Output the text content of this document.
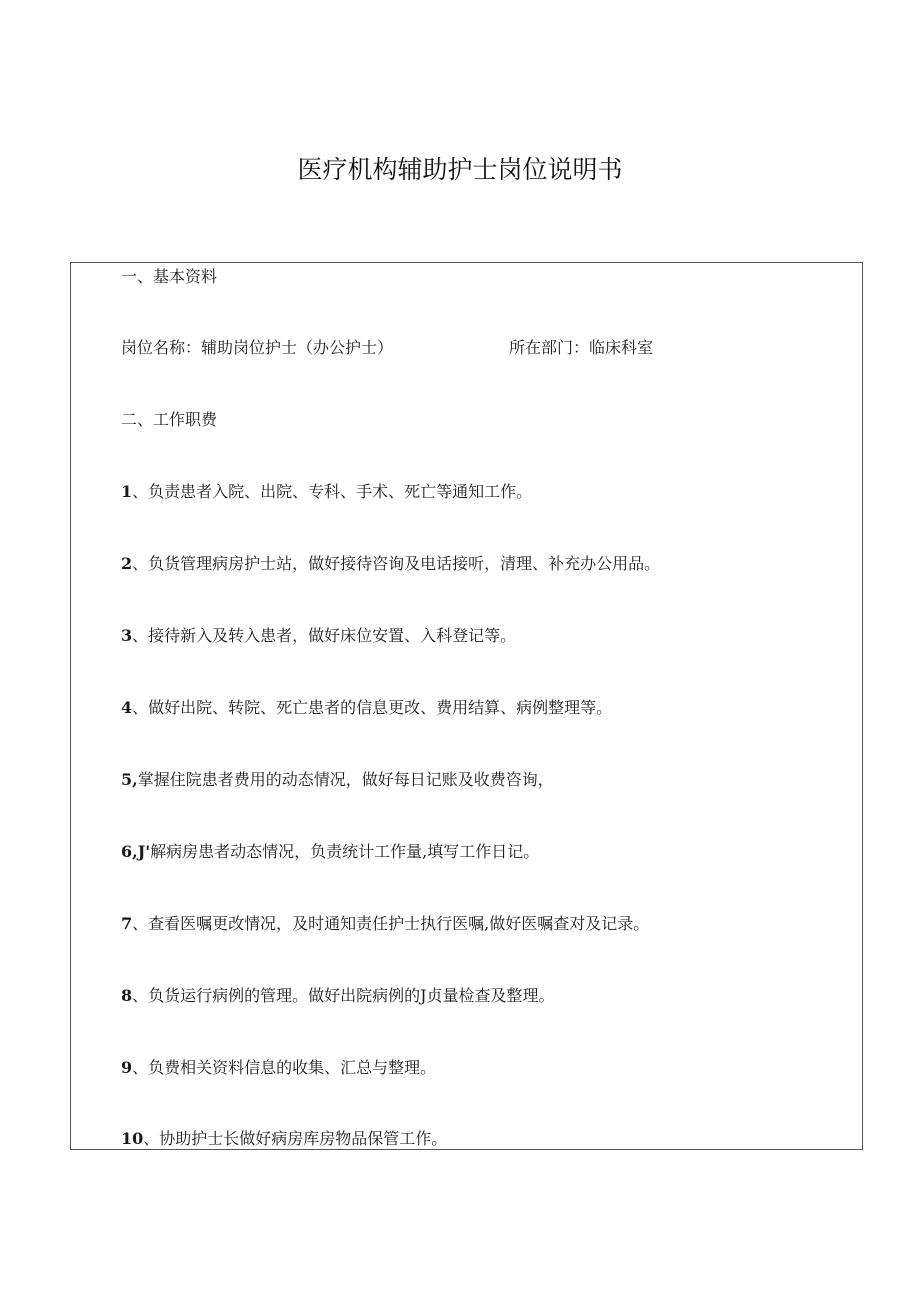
医疗机构辅助护士岗位说明书
一、基本资料
岗位名称：辅助岗位护士（办公护士）	所在部门：临床科室
二、工作职费
1、负责患者入院、出院、专科、手术、死亡等通知工作。
2、负货管理病房护士站，做好接待咨询及电话接听，清理、补充办公用品。
3、接待新入及转入患者，做好床位安置、入科登记等。
4、做好出院、转院、死亡患者的信息更改、费用结算、病例整理等。
5,掌握住院患者费用的动态情况，做好每日记账及收费咨询，
6,J'解病房患者动态情况，负责统计工作量,填写工作日记。
7、查看医嘱更改情况，及时通知责任护士执行医嘱,做好医嘱查对及记录。
8、负货运行病例的管理。做好出院病例的J贞量检查及整理。
9、负费相关资料信息的收集、汇总与整理。
10、协助护士长做好病房库房物品保管工作。
